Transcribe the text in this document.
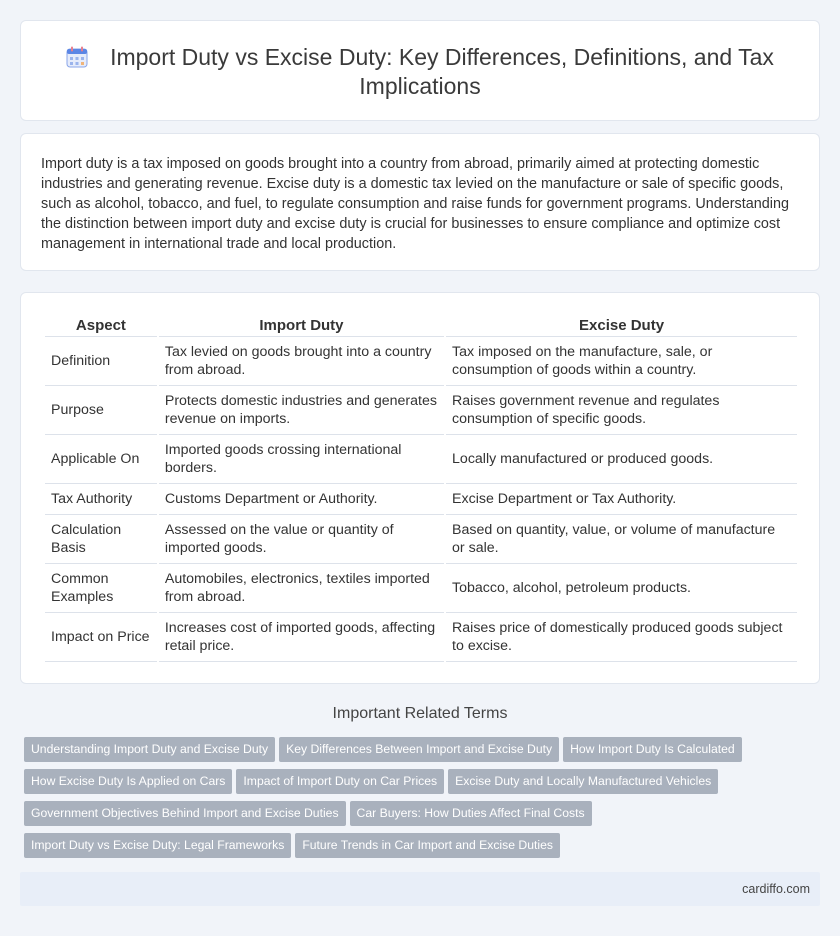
Import Duty vs Excise Duty: Key Differences, Definitions, and Tax Implications

Import duty is a tax imposed on goods brought into a country from abroad, primarily aimed at protecting domestic industries and generating revenue. Excise duty is a domestic tax levied on the manufacture or sale of specific goods, such as alcohol, tobacco, and fuel, to regulate consumption and raise funds for government programs. Understanding the distinction between import duty and excise duty is crucial for businesses to ensure compliance and optimize cost management in international trade and local production.

Aspect	Import Duty	Excise Duty
Definition	Tax levied on goods brought into a country from abroad.	Tax imposed on the manufacture, sale, or consumption of goods within a country.
Purpose	Protects domestic industries and generates revenue on imports.	Raises government revenue and regulates consumption of specific goods.
Applicable On	Imported goods crossing international borders.	Locally manufactured or produced goods.
Tax Authority	Customs Department or Authority.	Excise Department or Tax Authority.
Calculation Basis	Assessed on the value or quantity of imported goods.	Based on quantity, value, or volume of manufacture or sale.
Common Examples	Automobiles, electronics, textiles imported from abroad.	Tobacco, alcohol, petroleum products.
Impact on Price	Increases cost of imported goods, affecting retail price.	Raises price of domestically produced goods subject to excise.
Important Related Terms
Understanding Import Duty and Excise Duty Key Differences Between Import and Excise Duty How Import Duty Is Calculated
How Excise Duty Is Applied on Cars Impact of Import Duty on Car Prices Excise Duty and Locally Manufactured Vehicles
Government Objectives Behind Import and Excise Duties Car Buyers: How Duties Affect Final Costs
Import Duty vs Excise Duty: Legal Frameworks Future Trends in Car Import and Excise Duties
cardiffo.com
